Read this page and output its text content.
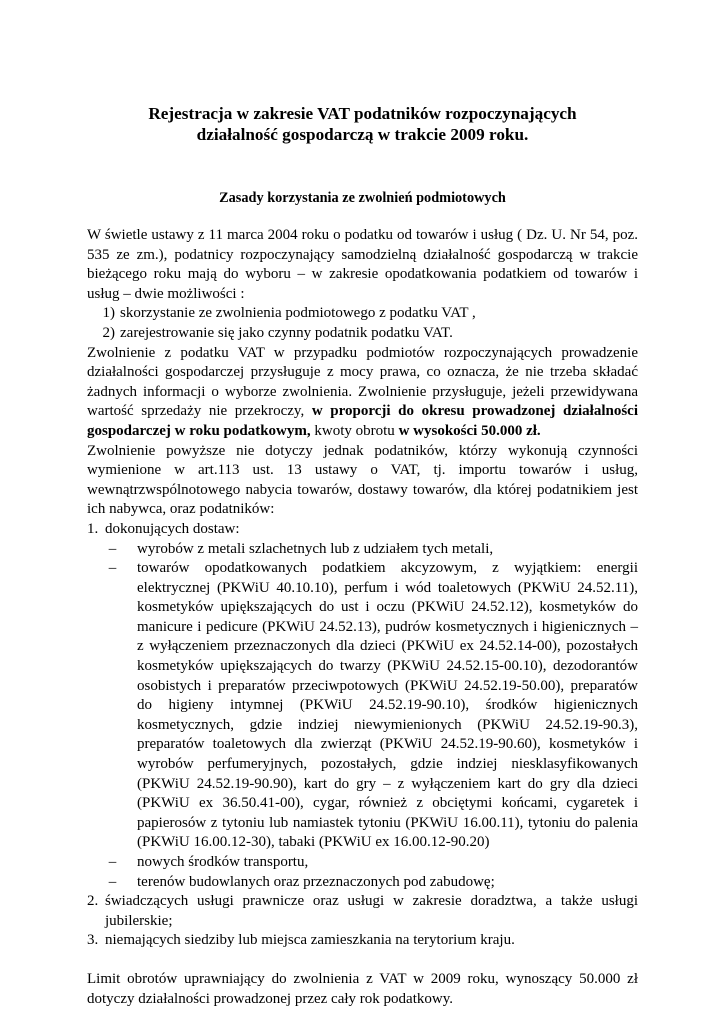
Rejestracja w zakresie VAT podatników rozpoczynających
działalność gospodarczą w trakcie 2009 roku.
Zasady korzystania ze zwolnień podmiotowych

W świetle ustawy z 11 marca 2004 roku o podatku od towarów i usług ( Dz. U. Nr 54, poz. 535 ze zm.), podatnicy rozpoczynający samodzielną działalność gospodarczą w trakcie bieżącego roku mają do wyboru – w zakresie opodatkowania podatkiem od towarów i usług – dwie możliwości :

1) skorzystanie ze zwolnienia podmiotowego z podatku VAT ,
2) zarejestrowanie się jako czynny podatnik podatku VAT.

Zwolnienie z podatku VAT w przypadku podmiotów rozpoczynających prowadzenie działalności gospodarczej przysługuje z mocy prawa, co oznacza, że nie trzeba składać żadnych informacji o wyborze zwolnienia. Zwolnienie przysługuje, jeżeli przewidywana wartość sprzedaży nie przekroczy, w proporcji do okresu prowadzonej działalności gospodarczej w roku podatkowym, kwoty obrotu w wysokości 50.000 zł.

Zwolnienie powyższe nie dotyczy jednak podatników, którzy wykonują czynności wymienione w art.113 ust. 13 ustawy o VAT, tj. importu towarów i usług, wewnątrzwspólnotowego nabycia towarów, dostawy towarów, dla której podatnikiem jest ich nabywca, oraz podatników:

1. dokonujących dostaw:
–	wyrobów z metali szlachetnych lub z udziałem tych metali,
–	towarów opodatkowanych podatkiem akcyzowym, z wyjątkiem: energii elektrycznej (PKWiU 40.10.10), perfum i wód toaletowych (PKWiU 24.52.11), kosmetyków upiększających do ust i oczu (PKWiU 24.52.12), kosmetyków do manicure i pedicure (PKWiU 24.52.13), pudrów kosmetycznych i higienicznych – z wyłączeniem przeznaczonych dla dzieci (PKWiU ex 24.52.14-00), pozostałych kosmetyków upiększających do twarzy (PKWiU 24.52.15-00.10), dezodorantów osobistych i preparatów przeciwpotowych (PKWiU 24.52.19-50.00), preparatów do higieny intymnej (PKWiU 24.52.19-90.10), środków higienicznych kosmetycznych, gdzie indziej niewymienionych (PKWiU 24.52.19-90.3), preparatów toaletowych dla zwierząt (PKWiU 24.52.19-90.60), kosmetyków i wyrobów perfumeryjnych, pozostałych, gdzie indziej niesklasyfikowanych (PKWiU 24.52.19-90.90), kart do gry – z wyłączeniem kart do gry dla dzieci (PKWiU ex 36.50.41-00), cygar, również z obciętymi końcami, cygaretek i papierosów z tytoniu lub namiastek tytoniu (PKWiU 16.00.11), tytoniu do palenia (PKWiU 16.00.12-30), tabaki (PKWiU ex 16.00.12-90.20)
–	nowych środków transportu,
–	terenów budowlanych oraz przeznaczonych pod zabudowę;
2. świadczących usługi prawnicze oraz usługi w zakresie doradztwa, a także usługi jubilerskie;
3. niemających siedziby lub miejsca zamieszkania na terytorium kraju.

Limit obrotów uprawniający do zwolnienia z VAT w 2009 roku, wynoszący 50.000 zł dotyczy działalności prowadzonej przez cały rok podatkowy.
